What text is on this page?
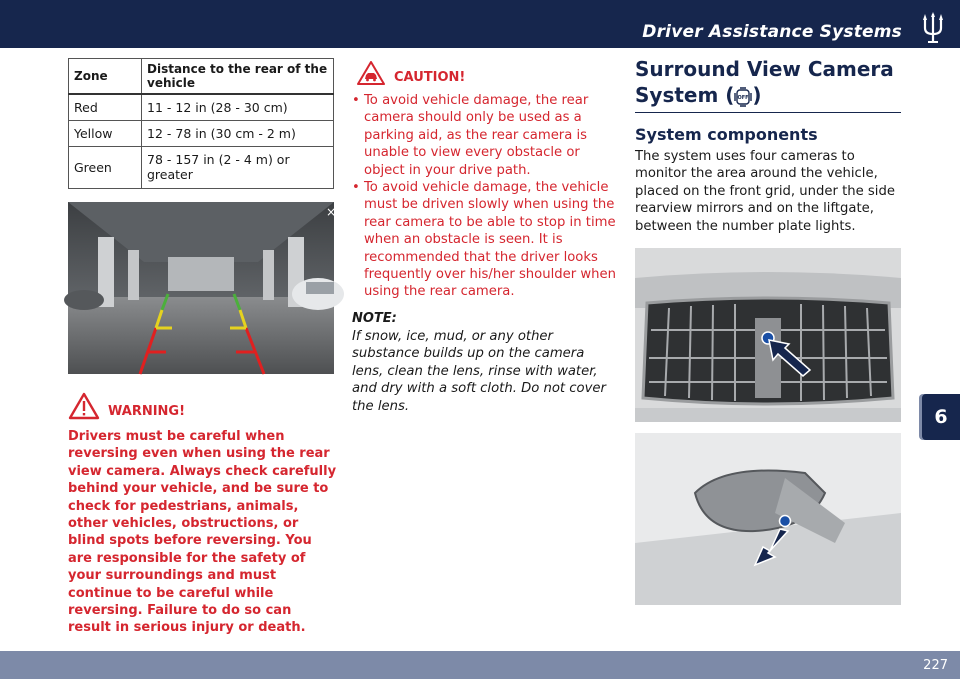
Driver Assistance Systems
6
Zone	Distance to the rear of the vehicle
Red	11 - 12 in (28 - 30 cm)
Yellow	12 - 78 in (30 cm - 2 m)
Green	78 - 157 in (2 - 4 m) or greater
×
WARNING!
Drivers must be careful when reversing even when using the rear view camera. Always check carefully behind your vehicle, and be sure to check for pedestrians, animals, other vehicles, obstructions, or blind spots before reversing. You are responsible for the safety of your surroundings and must continue to be careful while reversing. Failure to do so can result in serious injury or death.
CAUTION!
• To avoid vehicle damage, the rear camera should only be used as a parking aid, as the rear camera is unable to view every obstacle or object in your drive path.
• To avoid vehicle damage, the vehicle must be driven slowly when using the rear camera to be able to stop in time when an obstacle is seen. It is recommended that the driver looks frequently over his/her shoulder when using the rear camera.
NOTE:
If snow, ice, mud, or any other substance builds up on the camera lens, clean the lens, rinse with water, and dry with a soft cloth. Do not cover the lens.
Surround View Camera
System ( OFF )
System components
The system uses four cameras to monitor the area around the vehicle, placed on the front grid, under the side rearview mirrors and on the liftgate, between the number plate lights.
227
